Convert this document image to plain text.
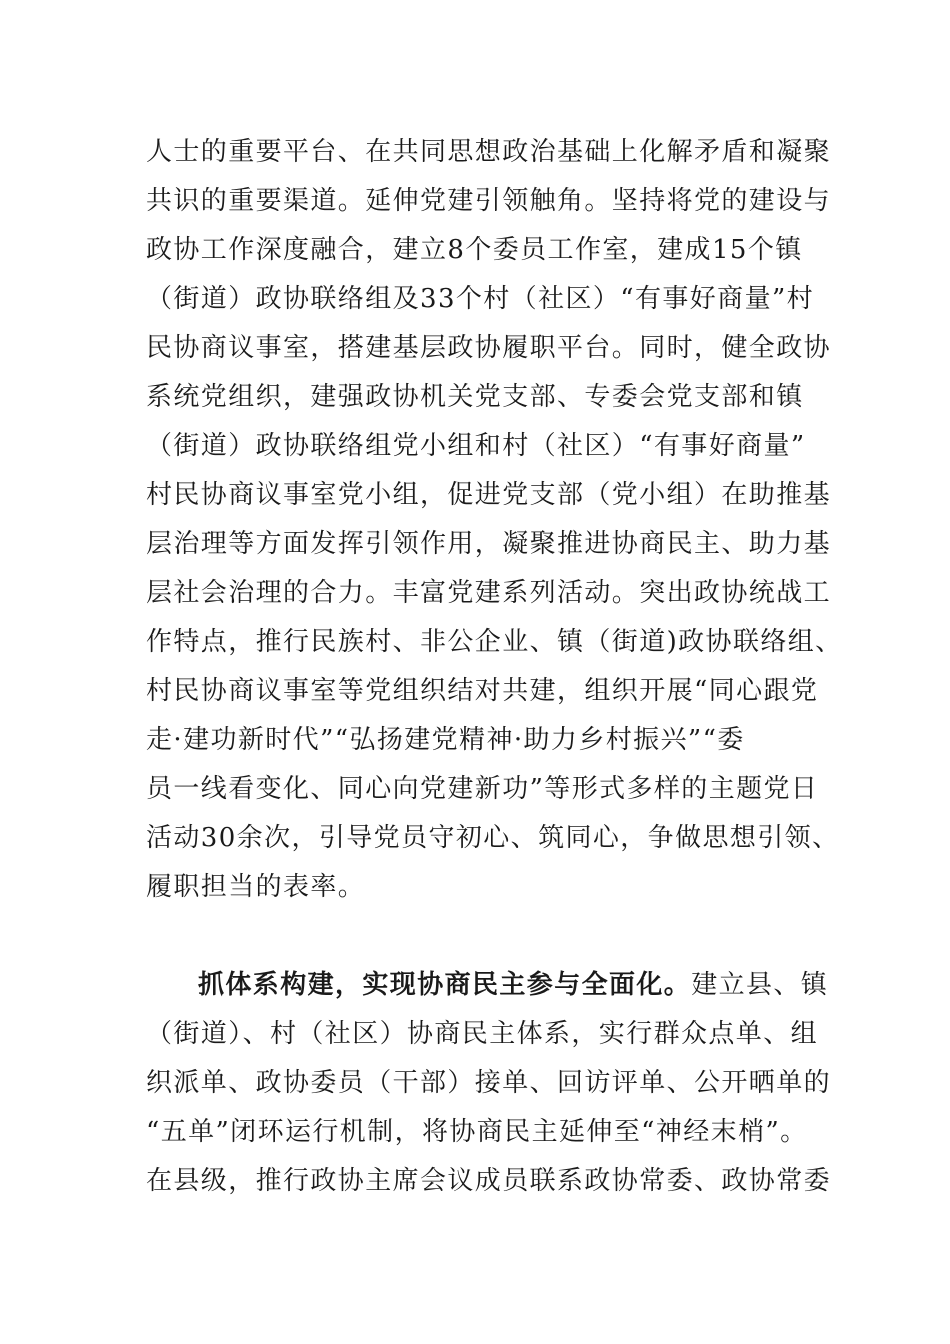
人士的重要平台、在共同思想政治基础上化解矛盾和凝聚
共识的重要渠道。延伸党建引领触角。坚持将党的建设与
政协工作深度融合，建立8个委员工作室，建成15个镇
（街道）政协联络组及33个村（社区）“有事好商量”村
民协商议事室，搭建基层政协履职平台。同时，健全政协
系统党组织，建强政协机关党支部、专委会党支部和镇
（街道）政协联络组党小组和村（社区）“有事好商量”
村民协商议事室党小组，促进党支部（党小组）在助推基
层治理等方面发挥引领作用，凝聚推进协商民主、助力基
层社会治理的合力。丰富党建系列活动。突出政协统战工
作特点，推行民族村、非公企业、镇（街道)政协联络组、
村民协商议事室等党组织结对共建，组织开展“同心跟党
走·建功新时代”“弘扬建党精神·助力乡村振兴”“委
员一线看变化、同心向党建新功”等形式多样的主题党日
活动30余次，引导党员守初心、筑同心，争做思想引领、
履职担当的表率。
抓体系构建，实现协商民主参与全面化。建立县、镇
（街道）、村（社区）协商民主体系，实行群众点单、组
织派单、政协委员（干部）接单、回访评单、公开晒单的
“五单”闭环运行机制，将协商民主延伸至“神经末梢”。
在县级，推行政协主席会议成员联系政协常委、政协常委
